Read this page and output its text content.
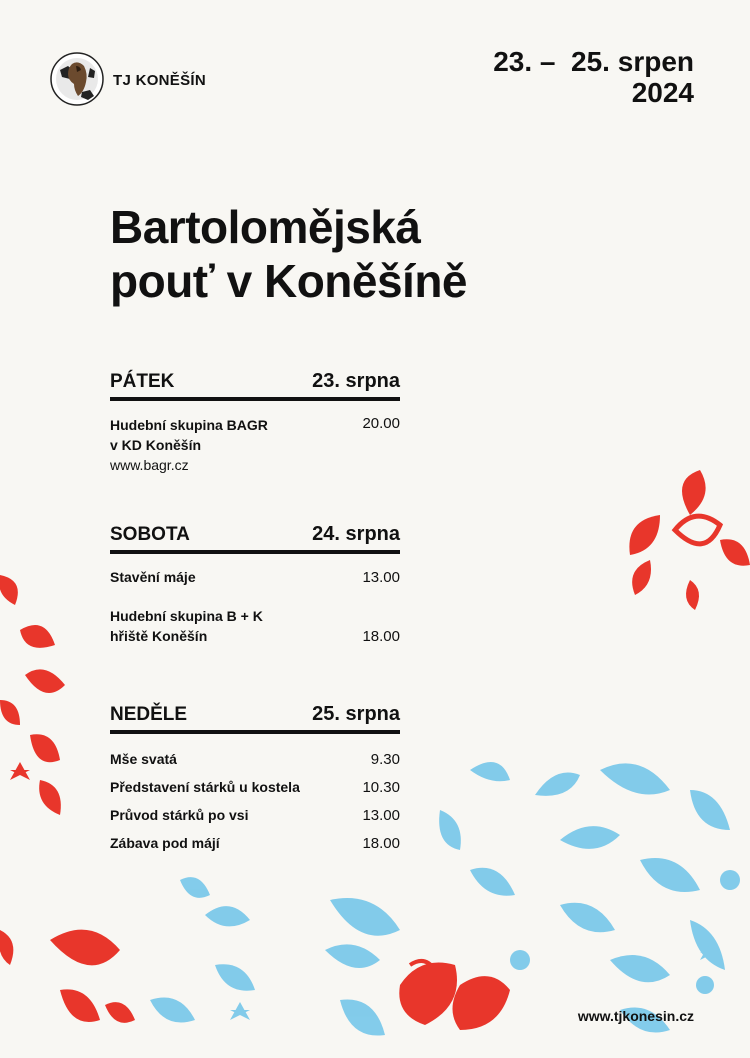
TJ KONĚŠÍN
23. –  25. srpen
2024
Bartolomějská
pouť v Koněšíně
PÁTEK	23. srpna
Hudební skupina BAGR
v KD Koněšín
www.bagr.cz
20.00
SOBOTA	24. srpna
Stavění máje	13.00
Hudební skupina B + K
hřiště Koněšín	18.00
NEDĚLE	25. srpna
Mše svatá	9.30
Představení stárků u kostela	10.30
Průvod stárků po vsi	13.00
Zábava pod májí	18.00
www.tjkonesin.cz
